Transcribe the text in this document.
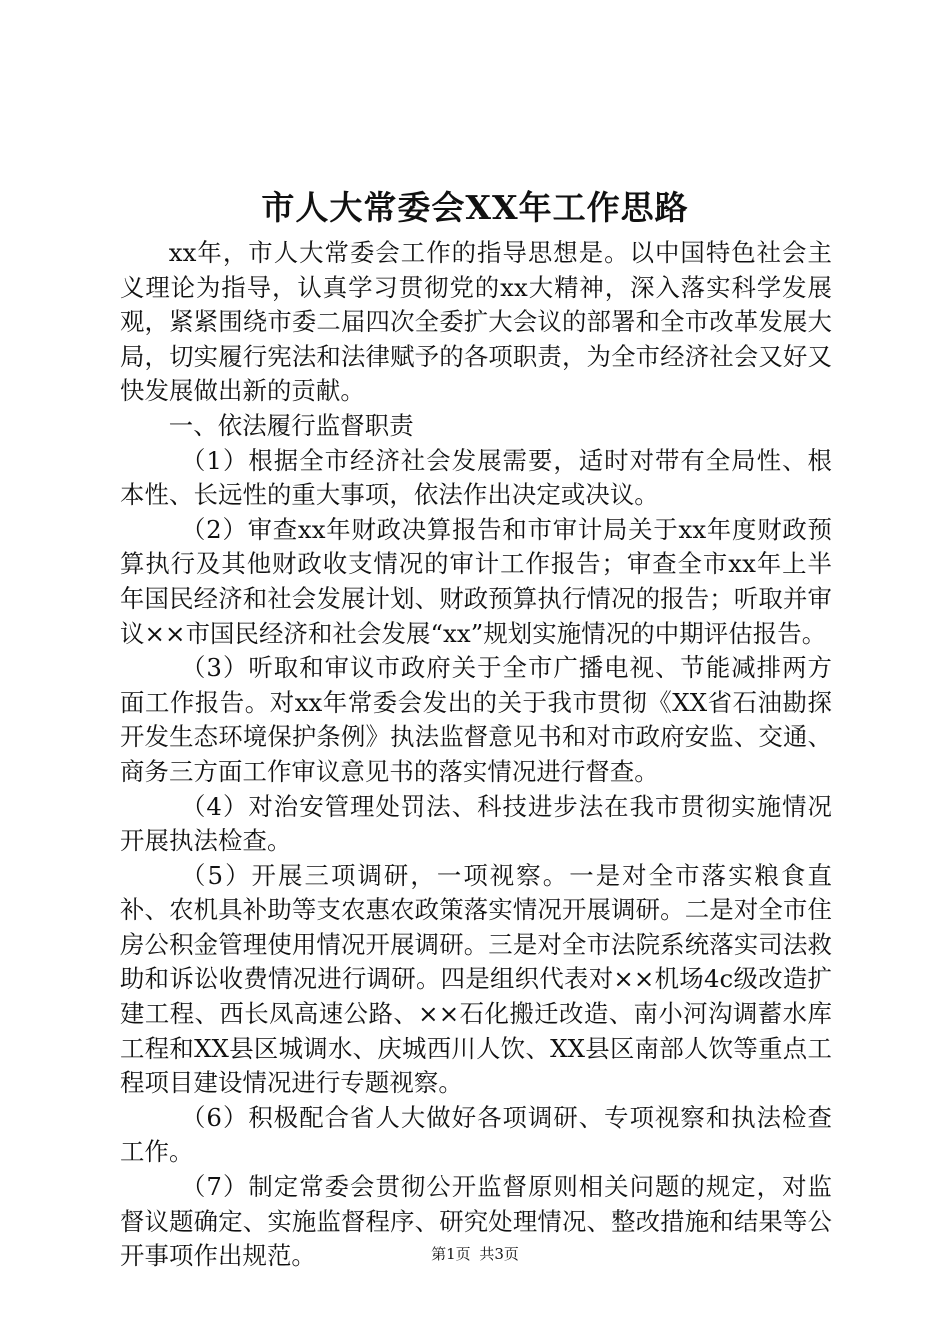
市人大常委会XX年工作思路

xx年，市人大常委会工作的指导思想是。以中国特色社会主义理论为指导，认真学习贯彻党的xx大精神，深入落实科学发展观，紧紧围绕市委二届四次全委扩大会议的部署和全市改革发展大局，切实履行宪法和法律赋予的各项职责，为全市经济社会又好又快发展做出新的贡献。

一、依法履行监督职责

（1）根据全市经济社会发展需要，适时对带有全局性、根本性、长远性的重大事项，依法作出决定或决议。

（2）审查xx年财政决算报告和市审计局关于xx年度财政预算执行及其他财政收支情况的审计工作报告；审查全市xx年上半年国民经济和社会发展计划、财政预算执行情况的报告；听取并审议××市国民经济和社会发展“xx”规划实施情况的中期评估报告。

（3）听取和审议市政府关于全市广播电视、节能减排两方面工作报告。对xx年常委会发出的关于我市贯彻《XX省石油勘探开发生态环境保护条例》执法监督意见书和对市政府安监、交通、商务三方面工作审议意见书的落实情况进行督查。

（4）对治安管理处罚法、科技进步法在我市贯彻实施情况开展执法检查。

（5）开展三项调研，一项视察。一是对全市落实粮食直补、农机具补助等支农惠农政策落实情况开展调研。二是对全市住房公积金管理使用情况开展调研。三是对全市法院系统落实司法救助和诉讼收费情况进行调研。四是组织代表对××机场4c级改造扩建工程、西长凤高速公路、××石化搬迁改造、南小河沟调蓄水库工程和XX县区城调水、庆城西川人饮、XX县区南部人饮等重点工程项目建设情况进行专题视察。

（6）积极配合省人大做好各项调研、专项视察和执法检查工作。

（7）制定常委会贯彻公开监督原则相关问题的规定，对监督议题确定、实施监督程序、研究处理情况、整改措施和结果等公开事项作出规范。	第1页 共3页
